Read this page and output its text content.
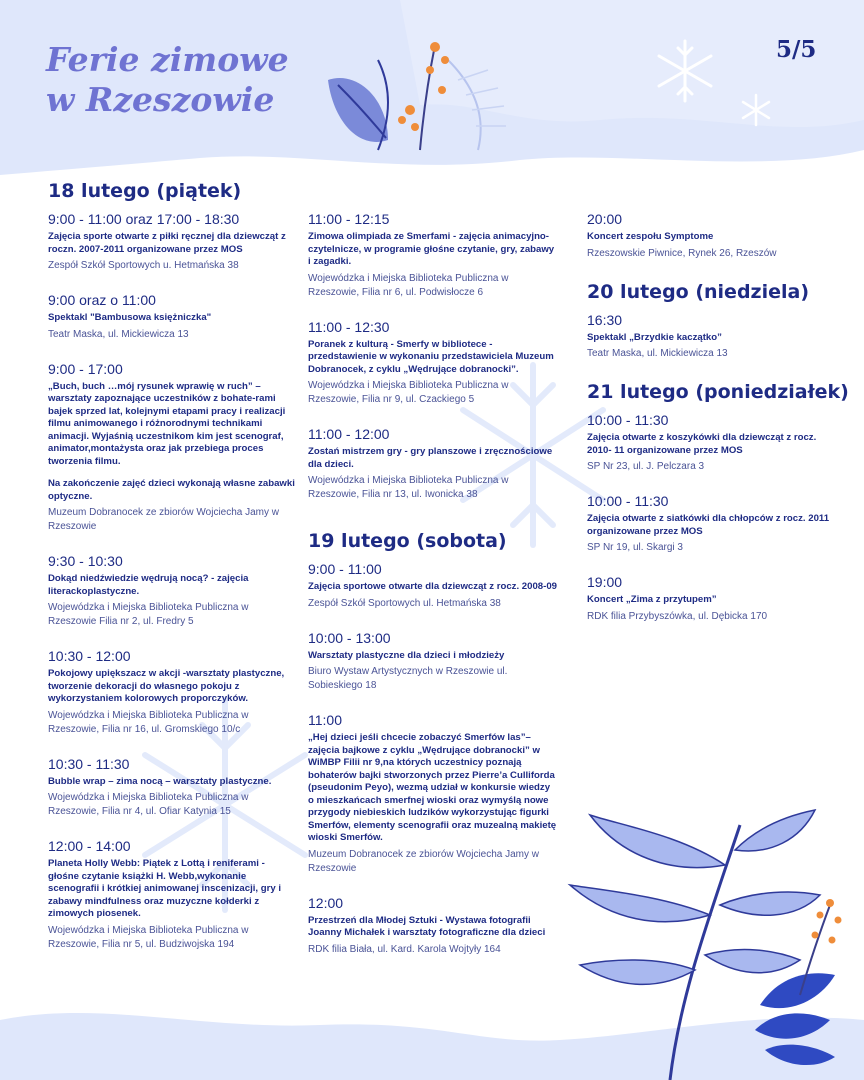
Ferie zimowe
w Rzeszowie
5/5
18 lutego (piątek)
9:00 - 11:00 oraz 17:00 - 18:30
Zajęcia sporte otwarte z piłki ręcznej dla dziewcząt z roczn. 2007-2011 organizowane przez MOS
Zespół Szkół Sportowych u. Hetmańska 38
9:00 oraz o 11:00
Spektakl "Bambusowa księżniczka"
Teatr Maska, ul. Mickiewicza 13
9:00 - 17:00
„Buch, buch …mój rysunek wprawię w ruch” – warsztaty zapoznające uczestników z bohate-rami bajek sprzed lat, kolejnymi etapami pracy i realizacji filmu animowanego i różnorodnymi technikami animacji. Wyjaśnią uczestnikom kim jest scenograf, animator,montażysta oraz jak przebiega proces tworzenia filmu.
Na zakończenie zajęć dzieci wykonają własne zabawki optyczne.
Muzeum Dobranocek ze zbiorów Wojciecha Jamy w Rzeszowie
9:30 - 10:30
Dokąd niedźwiedzie wędrują nocą? - zajęcia literackoplastyczne.
Wojewódzka i Miejska Biblioteka Publiczna w Rzeszowie Filia nr 2, ul. Fredry 5
10:30 - 12:00
Pokojowy upiększacz w akcji -warsztaty plastyczne, tworzenie dekoracji do własnego pokoju z wykorzystaniem kolorowych proporczyków.
Wojewódzka i Miejska Biblioteka Publiczna w Rzeszowie, Filia nr 16, ul. Gromskiego 10/c
10:30 - 11:30
Bubble wrap – zima nocą – warsztaty plastyczne.
Wojewódzka i Miejska Biblioteka Publiczna w Rzeszowie, Filia nr 4, ul. Ofiar Katynia 15
12:00 - 14:00
Planeta Holly Webb: Piątek z Lottą i reniferami - głośne czytanie książki H. Webb,wykonanie scenografii i krótkiej animowanej inscenizacji, gry i zabawy mindfulness oraz muzyczne kołderki z zimowych piosenek.
Wojewódzka i Miejska Biblioteka Publiczna w Rzeszowie, Filia nr 5, ul. Budziwojska 194
11:00 - 12:15
Zimowa olimpiada ze Smerfami - zajęcia animacyjno-czytelnicze, w programie głośne czytanie, gry, zabawy i zagadki.
Wojewódzka i Miejska Biblioteka Publiczna w Rzeszowie, Filia nr 6, ul. Podwisłocze 6
11:00 - 12:30
Poranek z kulturą - Smerfy w bibliotece - przedstawienie w wykonaniu przedstawiciela Muzeum Dobranocek, z cyklu „Wędrujące dobranocki”.
Wojewódzka i Miejska Biblioteka Publiczna w Rzeszowie, Filia nr 9, ul. Czackiego 5
11:00 - 12:00
Zostań mistrzem gry - gry planszowe i zręcznościowe dla dzieci.
Wojewódzka i Miejska Biblioteka Publiczna w Rzeszowie, Filia nr 13, ul. Iwonicka 38
19 lutego (sobota)
9:00 - 11:00
Zajęcia sportowe otwarte dla dziewcząt z rocz. 2008-09
Zespół Szkół Sportowych ul. Hetmańska 38
10:00 - 13:00
Warsztaty plastyczne dla dzieci i młodzieży
Biuro Wystaw Artystycznych w Rzeszowie ul. Sobieskiego 18
11:00
„Hej dzieci jeśli chcecie zobaczyć Smerfów las”– zajęcia bajkowe z cyklu „Wędrujące dobranocki” w WiMBP Filii nr 9,na których uczestnicy poznają bohaterów bajki stworzonych przez Pierre’a Culliforda (pseudonim Peyo), wezmą udział w konkursie wiedzy o mieszkańcach smerfnej wioski oraz wymyślą nowe przygody niebieskich ludzików wykorzystując figurki Smerfów, elementy scenografii oraz muzealną makietę wioski Smerfów.
Muzeum Dobranocek ze zbiorów Wojciecha Jamy w Rzeszowie
12:00
Przestrzeń dla Młodej Sztuki - Wystawa fotografii Joanny Michałek i warsztaty fotograficzne dla dzieci
RDK filia Biała, ul. Kard. Karola Wojtyły 164
20:00
Koncert zespołu Symptome
Rzeszowskie Piwnice, Rynek 26, Rzeszów
20 lutego (niedziela)
16:30
Spektakl „Brzydkie kaczątko”
Teatr Maska, ul. Mickiewicza 13
21 lutego (poniedziałek)
10:00 - 11:30
Zajęcia otwarte z koszykówki dla dziewcząt z rocz. 2010- 11 organizowane przez MOS
SP Nr 23, ul. J. Pelczara 3
10:00 - 11:30
Zajęcia otwarte z siatkówki dla chłopców z rocz. 2011 organizowane przez MOS
SP Nr 19, ul. Skargi 3
19:00
Koncert „Zima z przytupem”
RDK filia Przybyszówka, ul. Dębicka 170
